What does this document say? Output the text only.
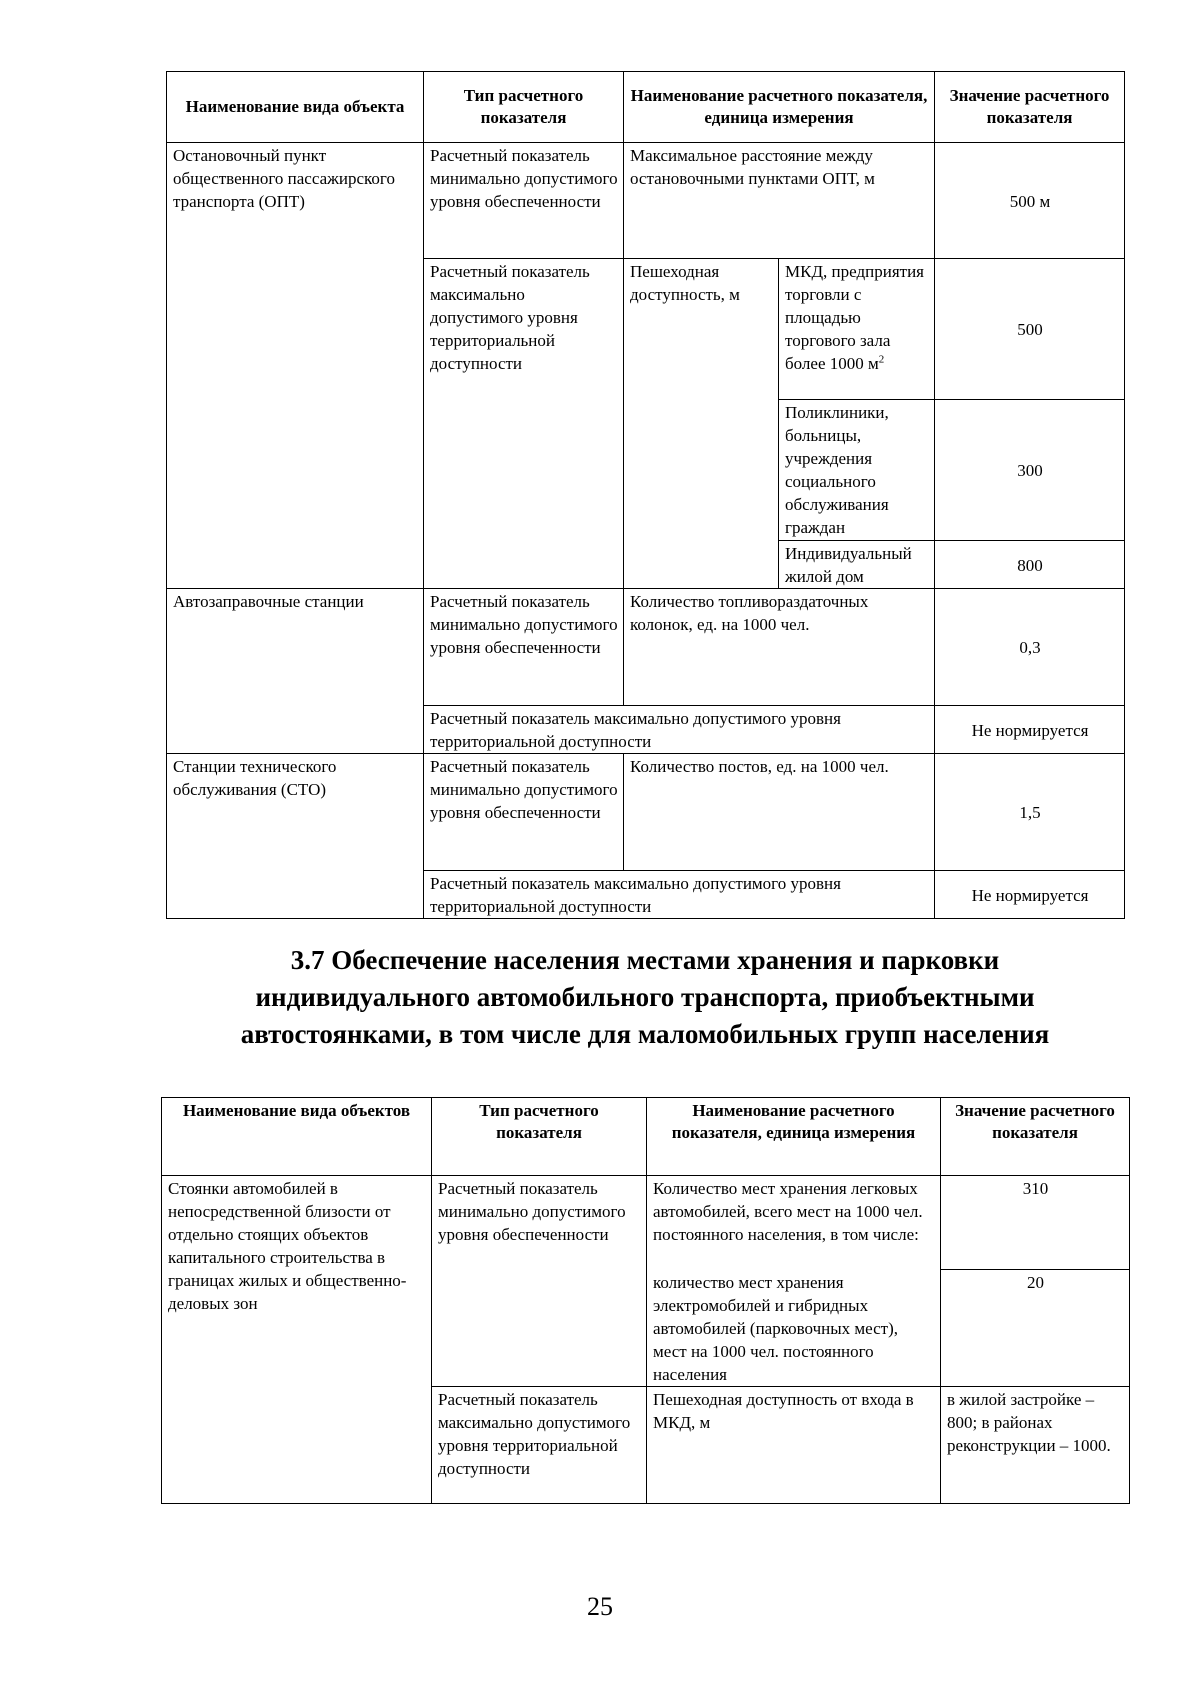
Наименование вида объекта	Тип расчетного показателя	Наименование расчетного показателя, единица измерения		Значение расчетного показателя
Остановочный пункт общественного пассажирского транспорта (ОПТ)	Расчетный показатель минимально допустимого уровня обеспеченности	Максимальное расстояние между остановочными пунктами ОПТ, м		500 м
	Расчетный показатель максимально допустимого уровня территориальной доступности	Пешеходная доступность, м	МКД, предприятия торговли с площадью торгового зала более 1000 $м^2$	500
			Поликлиники, больницы, учреждения социального обслуживания граждан	300
			Индивидуальный жилой дом	800
Автозаправочные станции	Расчетный показатель минимально допустимого уровня обеспеченности	Количество топливораздаточных колонок, ед. на 1000 чел.		0,3
	Расчетный показатель максимально допустимого уровня территориальной доступности			Не нормируется
Станции технического обслуживания (СТО)	Расчетный показатель минимально допустимого уровня обеспеченности	Количество постов, ед. на 1000 чел.		1,5
	Расчетный показатель максимально допустимого уровня территориальной доступности			Не нормируется
3.7 Обеспечение населения местами хранения и парковки
индивидуального автомобильного транспорта, приобъектными
автостоянками, в том числе для маломобильных групп населения
Наименование вида объектов	Тип расчетного показателя	Наименование расчетного показателя, единица измерения	Значение расчетного показателя
Стоянки автомобилей в непосредственной близости от отдельно стоящих объектов капитального строительства в границах жилых и общественно-деловых зон	Расчетный показатель минимально допустимого уровня обеспеченности	Количество мест хранения легковых автомобилей, всего мест на 1000 чел. постоянного населения, в том числе:	310
		количество мест хранения электромобилей и гибридных автомобилей (парковочных мест), мест на 1000 чел. постоянного населения	20
	Расчетный показатель максимально допустимого уровня территориальной доступности	Пешеходная доступность от входа в МКД, м	в жилой застройке – 800; в районах реконструкции – 1000.
25
